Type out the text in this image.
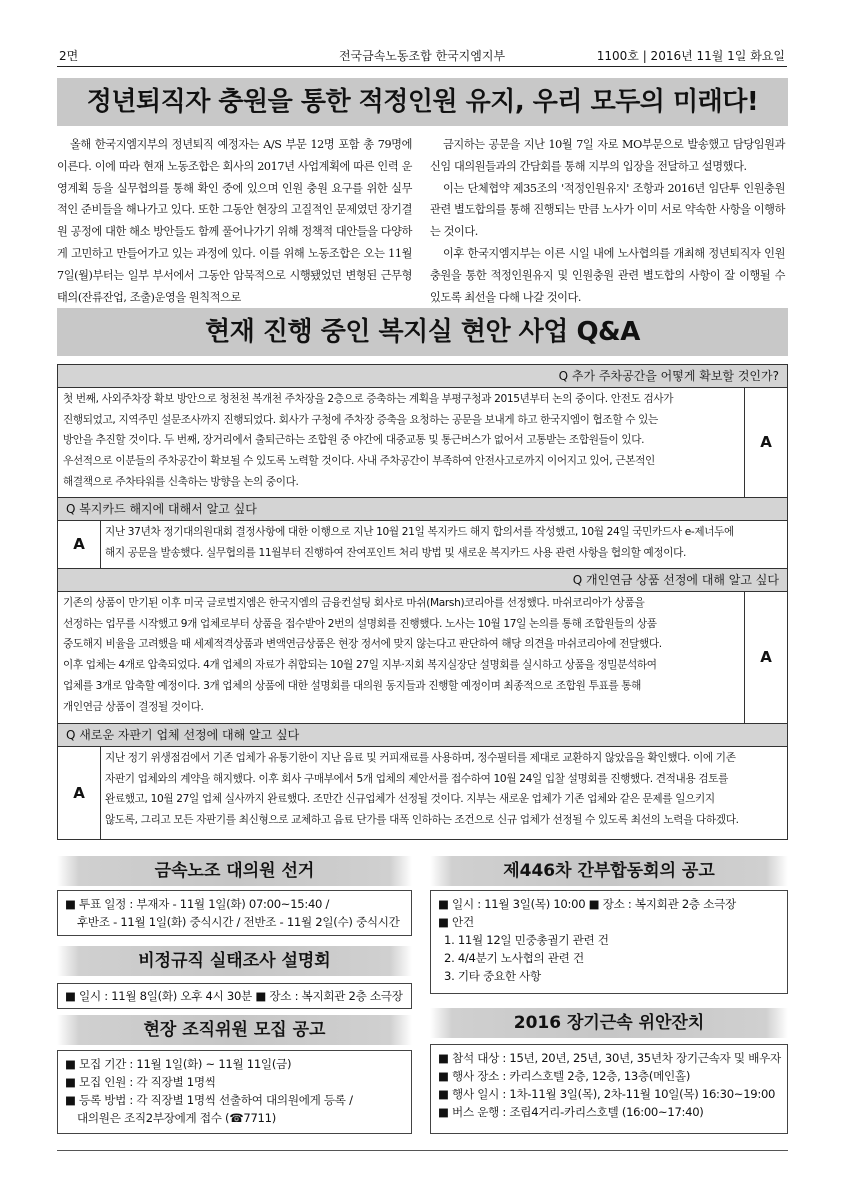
2면	전국금속노동조합 한국지엠지부	1100호 | 2016년 11월 1일 화요일
정년퇴직자 충원을 통한 적정인원 유지, 우리 모두의 미래다!

올해 한국지엠지부의 정년퇴직 예정자는 A/S 부문 12명 포함 총 79명에 이른다. 이에 따라 현재 노동조합은 회사의 2017년 사업계획에 따른 인력 운영계획 등을 실무협의를 통해 확인 중에 있으며 인원 충원 요구를 위한 실무적인 준비들을 해나가고 있다. 또한 그동안 현장의 고질적인 문제였던 장기결원 공정에 대한 해소 방안들도 함께 풀어나가기 위해 정책적 대안들을 다양하게 고민하고 만들어가고 있는 과정에 있다. 이를 위해 노동조합은 오는 11월 7일(월)부터는 일부 부서에서 그동안 암묵적으로 시행됐었던 변형된 근무형태의(잔류잔업, 조출)운영을 원칙적으로

금지하는 공문을 지난 10월 7일 자로 MO부문으로 발송했고 담당임원과 신임 대의원들과의 간담회를 통해 지부의 입장을 전달하고 설명했다.

이는 단체협약 제35조의 '적정인원유지' 조항과 2016년 임단투 인원충원 관련 별도합의를 통해 진행되는 만큼 노사가 이미 서로 약속한 사항을 이행하는 것이다.

이후 한국지엠지부는 이른 시일 내에 노사협의를 개최해 정년퇴직자 인원충원을 통한 적정인원유지 및 인원충원 관련 별도합의 사항이 잘 이행될 수 있도록 최선을 다해 나갈 것이다.

현재 진행 중인 복지실 현안 사업 Q&A
Q 추가 주차공간을 어떻게 확보할 것인가?

첫 번째, 사외주차장 확보 방안으로 청천천 복개천 주차장을 2층으로 증축하는 계획을 부평구청과 2015년부터 논의 중이다. 안전도 검사가

진행되었고, 지역주민 설문조사까지 진행되었다. 회사가 구청에 주차장 증축을 요청하는 공문을 보내게 하고 한국지엠이 협조할 수 있는

방안을 추진할 것이다. 두 번째, 장거리에서 출퇴근하는 조합원 중 야간에 대중교통 및 통근버스가 없어서 고통받는 조합원들이 있다.

우선적으로 이분들의 주차공간이 확보될 수 있도록 노력할 것이다. 사내 주차공간이 부족하여 안전사고로까지 이어지고 있어, 근본적인

해결책으로 주차타워를 신축하는 방향을 논의 중이다.

A
Q 복지카드 해지에 대해서 알고 싶다
A

지난 37년차 정기대의원대회 결정사항에 대한 이행으로 지난 10월 21일 복지카드 해지 합의서를 작성했고, 10월 24일 국민카드사 e-제너두에

해지 공문을 발송했다. 실무협의를 11월부터 진행하여 잔여포인트 처리 방법 및 새로운 복지카드 사용 관련 사항을 협의할 예정이다.

Q 개인연금 상품 선정에 대해 알고 싶다

기존의 상품이 만기된 이후 미국 글로벌지엠은 한국지엠의 금융컨설팅 회사로 마쉬(Marsh)코리아를 선정했다. 마쉬코리아가 상품을

선정하는 업무를 시작했고 9개 업체로부터 상품을 접수받아 2번의 설명회를 진행했다. 노사는 10월 17일 논의를 통해 조합원들의 상품

중도해지 비율을 고려했을 때 세제적격상품과 변액연금상품은 현장 정서에 맞지 않는다고 판단하여 해당 의견을 마쉬코리아에 전달했다.

이후 업체는 4개로 압축되었다. 4개 업체의 자료가 취합되는 10월 27일 지부·지회 복지실장단 설명회를 실시하고 상품을 정밀분석하여

업체를 3개로 압축할 예정이다. 3개 업체의 상품에 대한 설명회를 대의원 동지들과 진행할 예정이며 최종적으로 조합원 투표를 통해

개인연금 상품이 결정될 것이다.

A
Q 새로운 자판기 업체 선정에 대해 알고 싶다
A

지난 정기 위생점검에서 기존 업체가 유통기한이 지난 음료 및 커피재료를 사용하며, 정수필터를 제대로 교환하지 않았음을 확인했다. 이에 기존

자판기 업체와의 계약을 해지했다. 이후 회사 구매부에서 5개 업체의 제안서를 접수하여 10월 24일 입찰 설명회를 진행했다. 견적내용 검토를

완료했고, 10월 27일 업체 실사까지 완료했다. 조만간 신규업체가 선정될 것이다. 지부는 새로운 업체가 기존 업체와 같은 문제를 일으키지

않도록, 그리고 모든 자판기를 최신형으로 교체하고 음료 단가를 대폭 인하하는 조건으로 신규 업체가 선정될 수 있도록 최선의 노력을 다하겠다.

금속노조 대의원 선거
■ 투표 일정 : 부재자 - 11월 1일(화) 07:00~15:40 /
후반조 - 11월 1일(화) 중식시간 / 전반조 - 11월 2일(수) 중식시간
비정규직 실태조사 설명회
■ 일시 : 11월 8일(화) 오후 4시 30분 ■ 장소 : 복지회관 2층 소극장
현장 조직위원 모집 공고
■ 모집 기간 : 11월 1일(화) ~ 11월 11일(금)
■ 모집 인원 : 각 직장별 1명씩
■ 등록 방법 : 각 직장별 1명씩 선출하여 대의원에게 등록 /
대의원은 조직2부장에게 접수 (☎7711)
제446차 간부합동회의 공고
■ 일시 : 11월 3일(목) 10:00 ■ 장소 : 복지회관 2층 소극장
■ 안건
1. 11월 12일 민중총궐기 관련 건
2. 4/4분기 노사협의 관련 건
3. 기타 중요한 사항
2016 장기근속 위안잔치
■ 참석 대상 : 15년, 20년, 25년, 30년, 35년차 장기근속자 및 배우자
■ 행사 장소 : 카리스호텔 2층, 12층, 13층(메인홀)
■ 행사 일시 : 1차-11월 3일(목), 2차-11월 10일(목) 16:30~19:00
■ 버스 운행 : 조립4거리-카리스호텔 (16:00~17:40)
